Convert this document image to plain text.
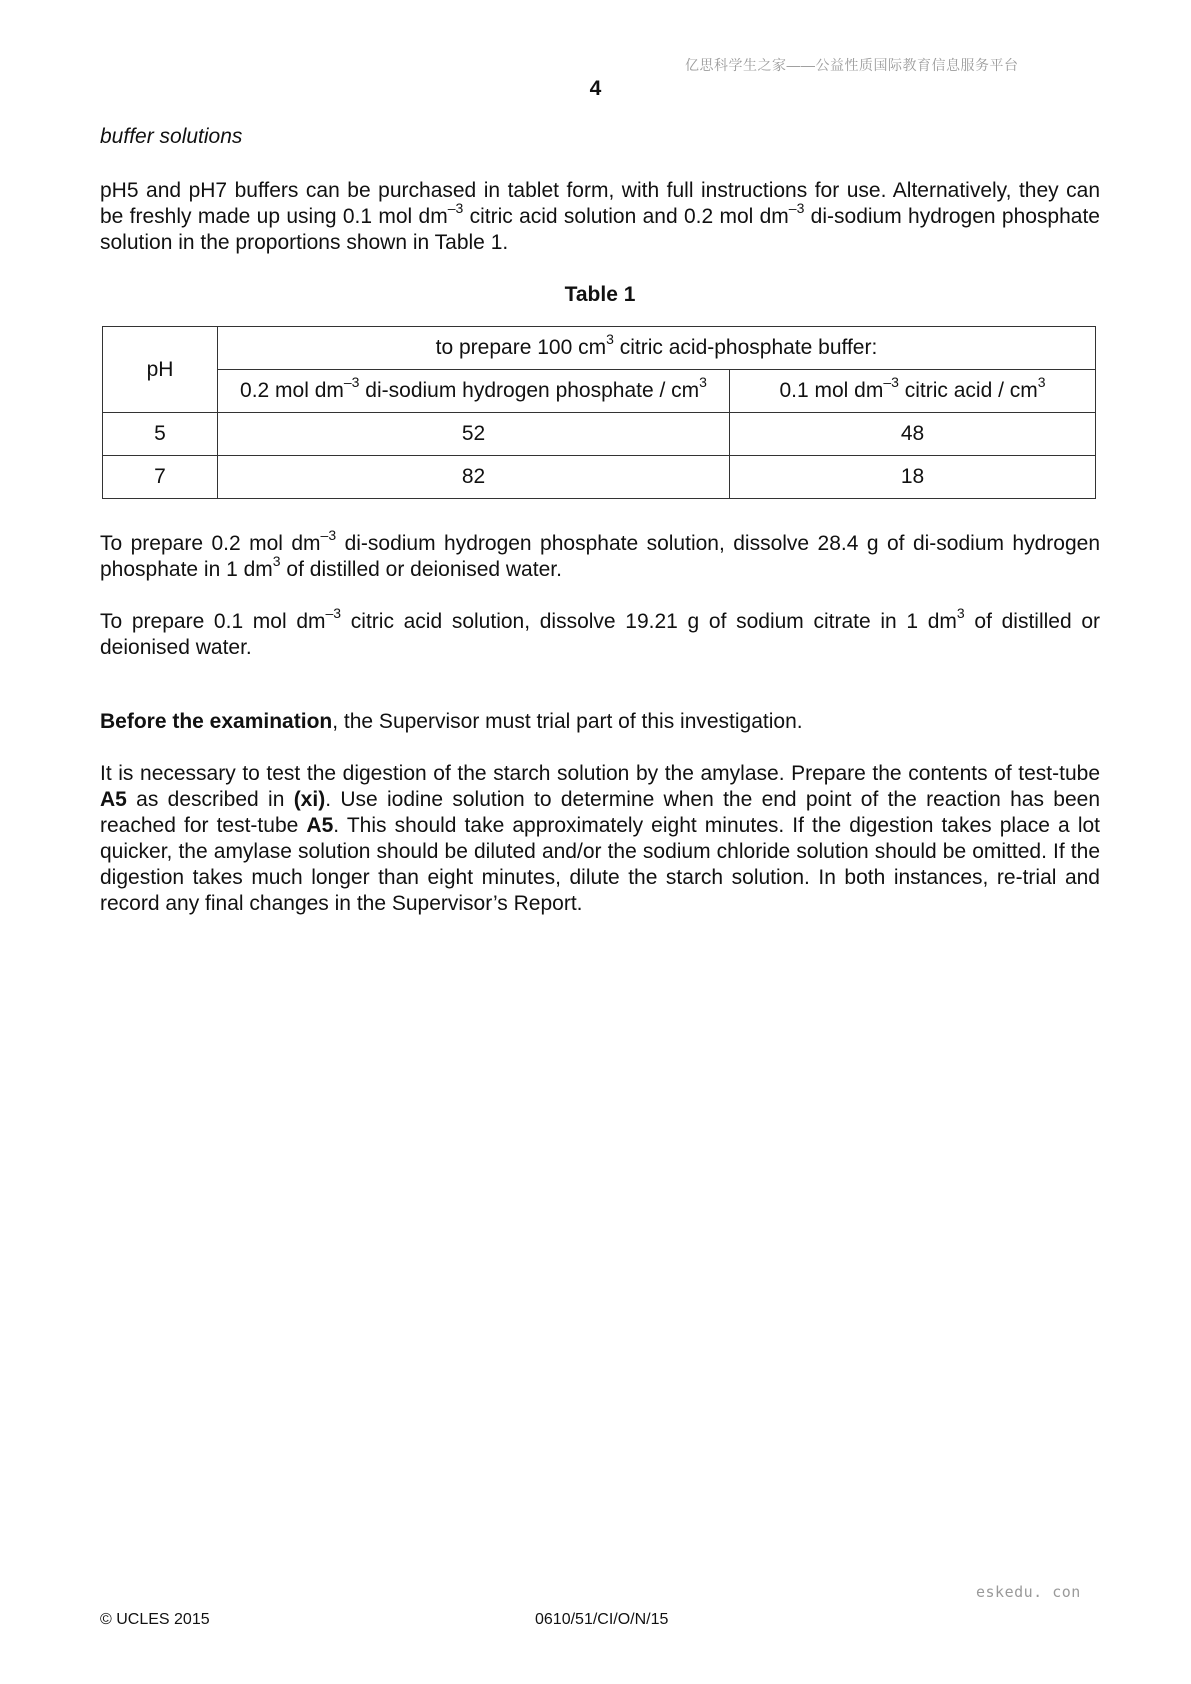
亿思科学生之家——公益性质国际教育信息服务平台
4
buffer solutions

pH5 and pH7 buffers can be purchased in tablet form, with full instructions for use. Alternatively, they can be freshly made up using 0.1 mol $dm^{-3}$ citric acid solution and 0.2 mol $dm^{-3}$ di-sodium hydrogen phosphate solution in the proportions shown in Table 1.

Table 1
pH	to prepare 100 $cm^3$ citric acid-phosphate buffer:	
	0.2 mol $dm^{-3}$ di-sodium hydrogen phosphate / $cm^3$	0.1 mol $dm^{-3}$ citric acid / $cm^3$
5	52	48
7	82	18

To prepare 0.2 mol $dm^{-3}$ di-sodium hydrogen phosphate solution, dissolve 28.4 g of di-sodium hydrogen phosphate in 1 $dm^3$ of distilled or deionised water.

To prepare 0.1 mol $dm^{-3}$ citric acid solution, dissolve 19.21 g of sodium citrate in 1 $dm^3$ of distilled or deionised water.

Before the examination, the Supervisor must trial part of this investigation.

It is necessary to test the digestion of the starch solution by the amylase. Prepare the contents of test-tube A5 as described in (xi). Use iodine solution to determine when the end point of the reaction has been reached for test-tube A5. This should take approximately eight minutes. If the digestion takes place a lot quicker, the amylase solution should be diluted and/or the sodium chloride solution should be omitted. If the digestion takes much longer than eight minutes, dilute the starch solution. In both instances, re-trial and record any final changes in the Supervisor’s Report.

eskedu. con
© UCLES 2015	0610/51/CI/O/N/15
